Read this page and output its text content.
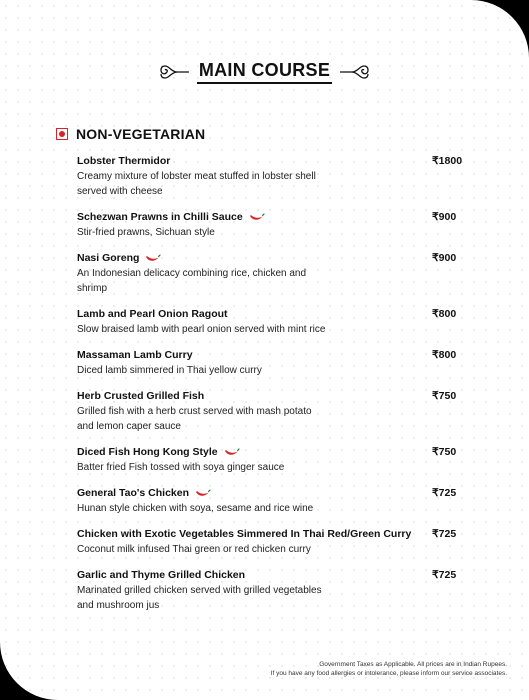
MAIN COURSE
NON-VEGETARIAN
Lobster Thermidor	₹1800
Creamy mixture of lobster meat stuffed in lobster shell served with cheese
Schezwan Prawns in Chilli Sauce	₹900
Stir-fried prawns, Sichuan style
Nasi Goreng	₹900
An Indonesian delicacy combining rice, chicken and shrimp
Lamb and Pearl Onion Ragout	₹800
Slow braised lamb with pearl onion served with mint rice
Massaman Lamb Curry	₹800
Diced lamb simmered in Thai yellow curry
Herb Crusted Grilled Fish	₹750
Grilled fish with a herb crust served with mash potato and lemon caper sauce
Diced Fish Hong Kong Style	₹750
Batter fried Fish tossed with soya ginger sauce
General Tao's Chicken	₹725
Hunan style chicken with soya, sesame and rice wine
Chicken with Exotic Vegetables Simmered In Thai Red/Green Curry ₹725
Coconut milk infused Thai green or red chicken curry
Garlic and Thyme Grilled Chicken	₹725
Marinated grilled chicken served with grilled vegetables and mushroom jus
Government Taxes as Applicable. All prices are in Indian Rupees.
If you have any food allergies or intolerance, please inform our service associates.
